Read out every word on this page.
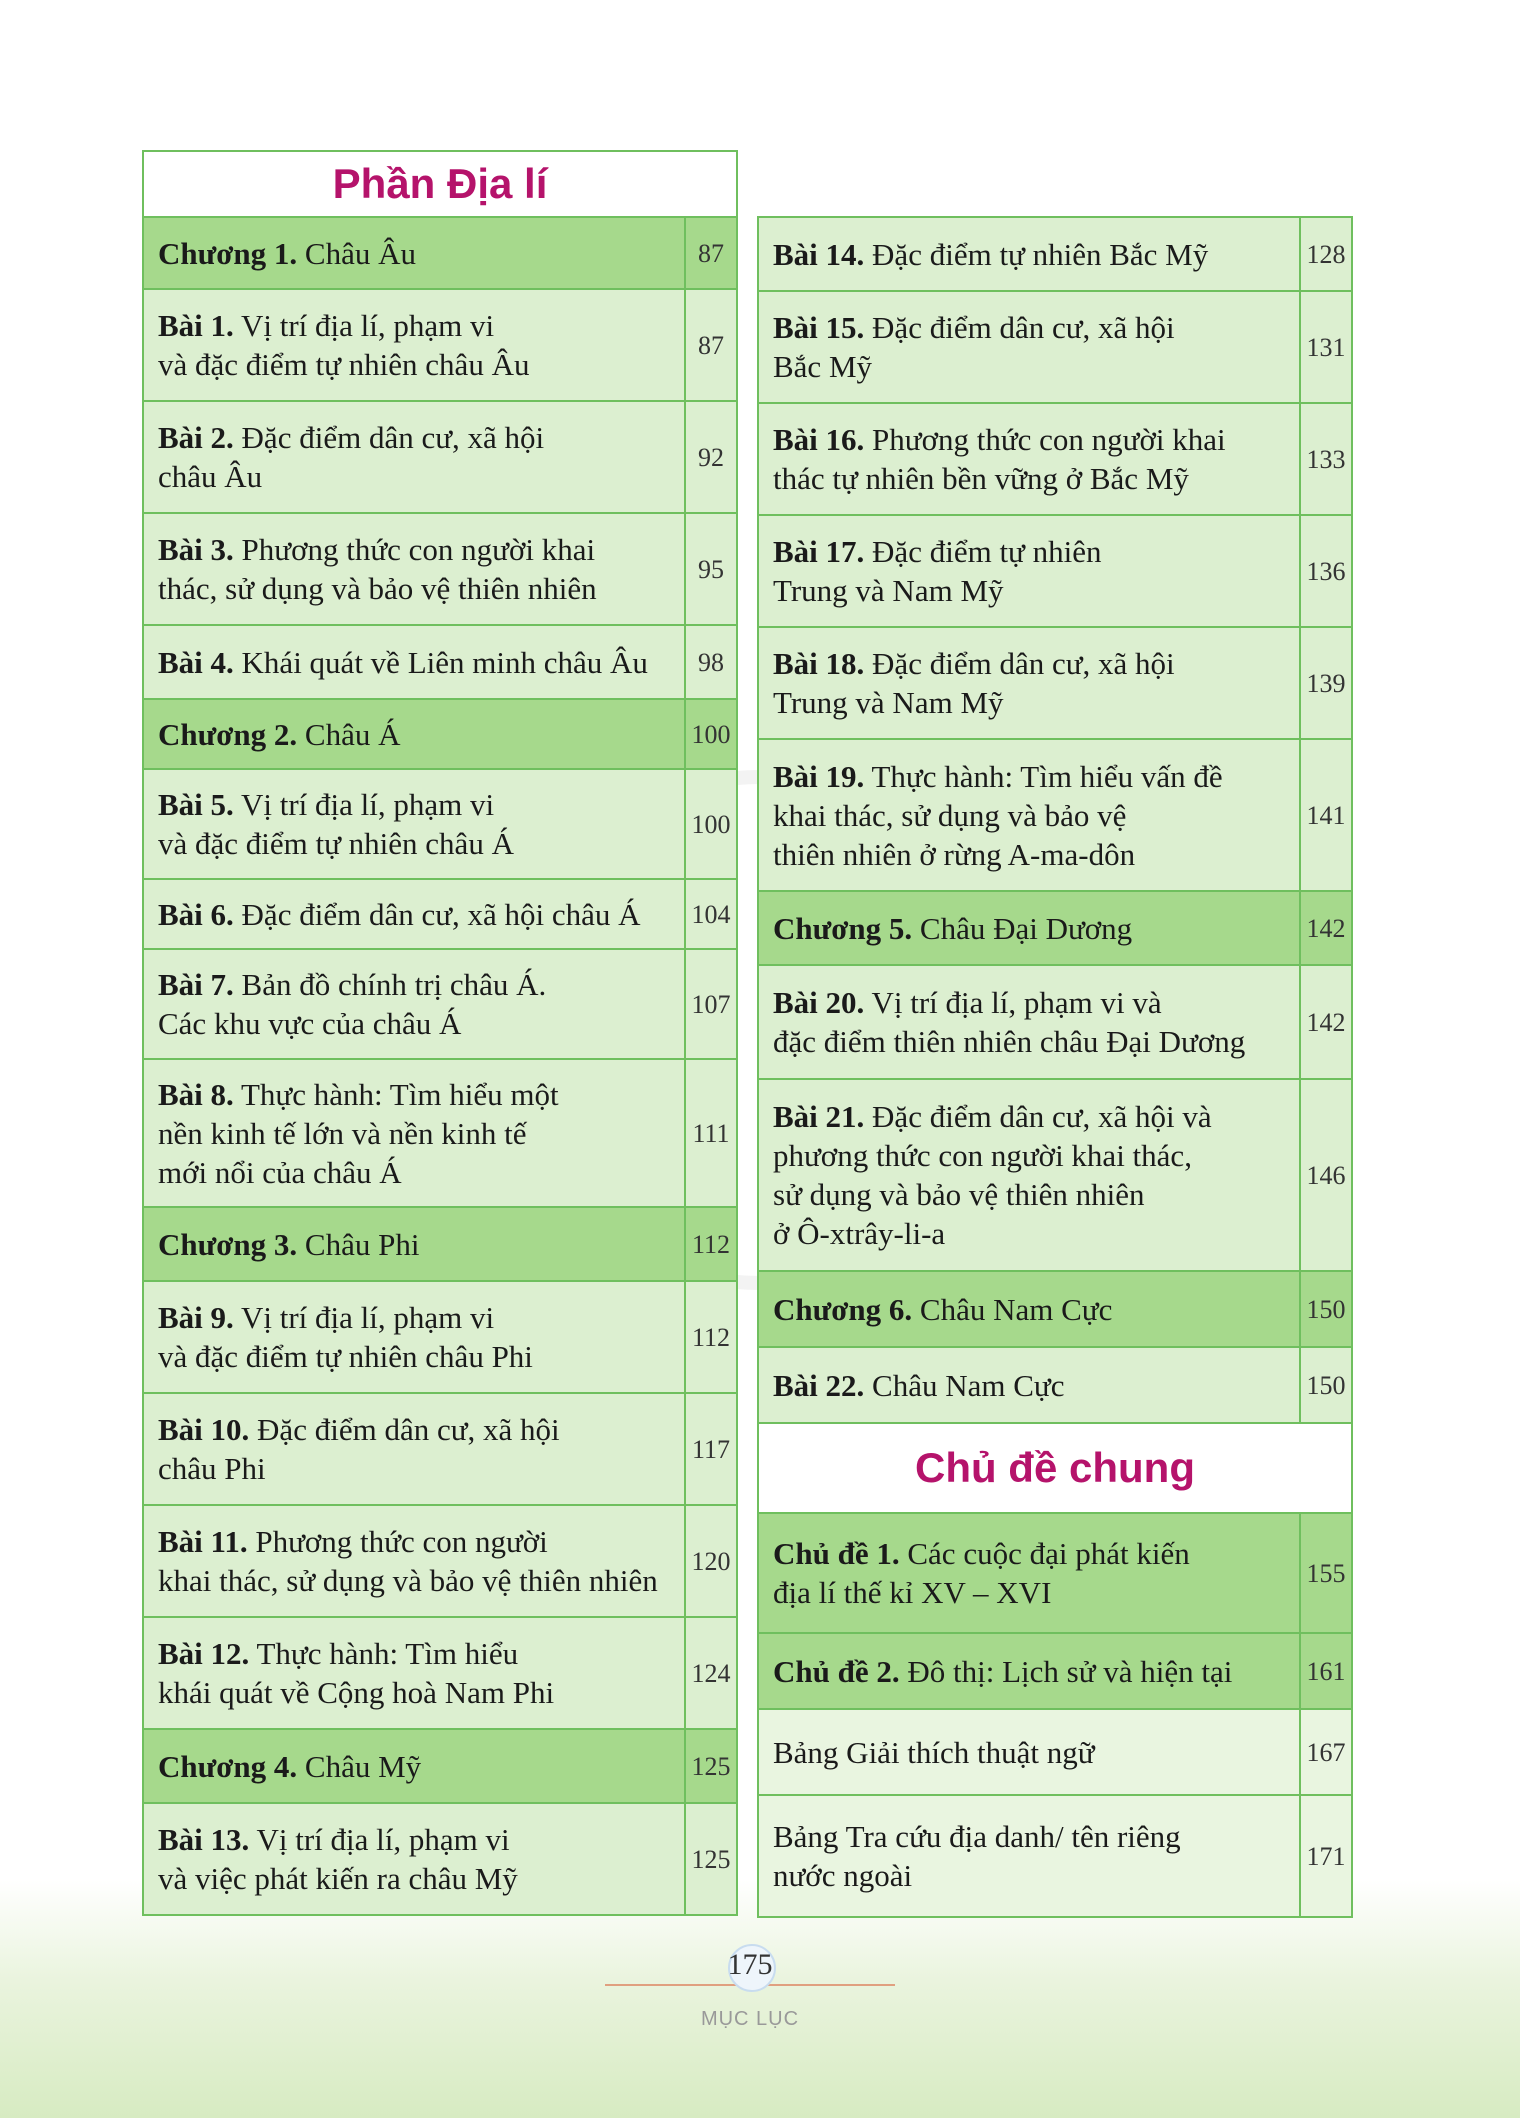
Phần Địa lí
Chương 1. Châu Âu	87
Bài 1. Vị trí địa lí, phạm vi
và đặc điểm tự nhiên châu Âu	87
Bài 2. Đặc điểm dân cư, xã hội
châu Âu	92
Bài 3. Phương thức con người khai
thác, sử dụng và bảo vệ thiên nhiên	95
Bài 4. Khái quát về Liên minh châu Âu	98
Chương 2. Châu Á	100
Bài 5. Vị trí địa lí, phạm vi
và đặc điểm tự nhiên châu Á	100
Bài 6. Đặc điểm dân cư, xã hội châu Á	104
Bài 7. Bản đồ chính trị châu Á.
Các khu vực của châu Á	107
Bài 8. Thực hành: Tìm hiểu một
nền kinh tế lớn và nền kinh tế
mới nổi của châu Á	111
Chương 3. Châu Phi	112
Bài 9. Vị trí địa lí, phạm vi
và đặc điểm tự nhiên châu Phi	112
Bài 10. Đặc điểm dân cư, xã hội
châu Phi	117
Bài 11. Phương thức con người
khai thác, sử dụng và bảo vệ thiên nhiên	120
Bài 12. Thực hành: Tìm hiểu
khái quát về Cộng hoà Nam Phi	124
Chương 4. Châu Mỹ	125
Bài 13. Vị trí địa lí, phạm vi
và việc phát kiến ra châu Mỹ	125
Bài 14. Đặc điểm tự nhiên Bắc Mỹ	128
Bài 15. Đặc điểm dân cư, xã hội
Bắc Mỹ	131
Bài 16. Phương thức con người khai
thác tự nhiên bền vững ở Bắc Mỹ	133
Bài 17. Đặc điểm tự nhiên
Trung và Nam Mỹ	136
Bài 18. Đặc điểm dân cư, xã hội
Trung và Nam Mỹ	139
Bài 19. Thực hành: Tìm hiểu vấn đề
khai thác, sử dụng và bảo vệ
thiên nhiên ở rừng A-ma-dôn	141
Chương 5. Châu Đại Dương	142
Bài 20. Vị trí địa lí, phạm vi và
đặc điểm thiên nhiên châu Đại Dương	142
Bài 21. Đặc điểm dân cư, xã hội và
phương thức con người khai thác,
sử dụng và bảo vệ thiên nhiên
ở Ô-xtrây-li-a	146
Chương 6. Châu Nam Cực	150
Bài 22. Châu Nam Cực	150
Chủ đề chung
Chủ đề 1. Các cuộc đại phát kiến
địa lí thế kỉ XV – XVI	155
Chủ đề 2. Đô thị: Lịch sử và hiện tại	161
Bảng Giải thích thuật ngữ	167
Bảng Tra cứu địa danh/ tên riêng
nước ngoài	171
175
MỤC LỤC
